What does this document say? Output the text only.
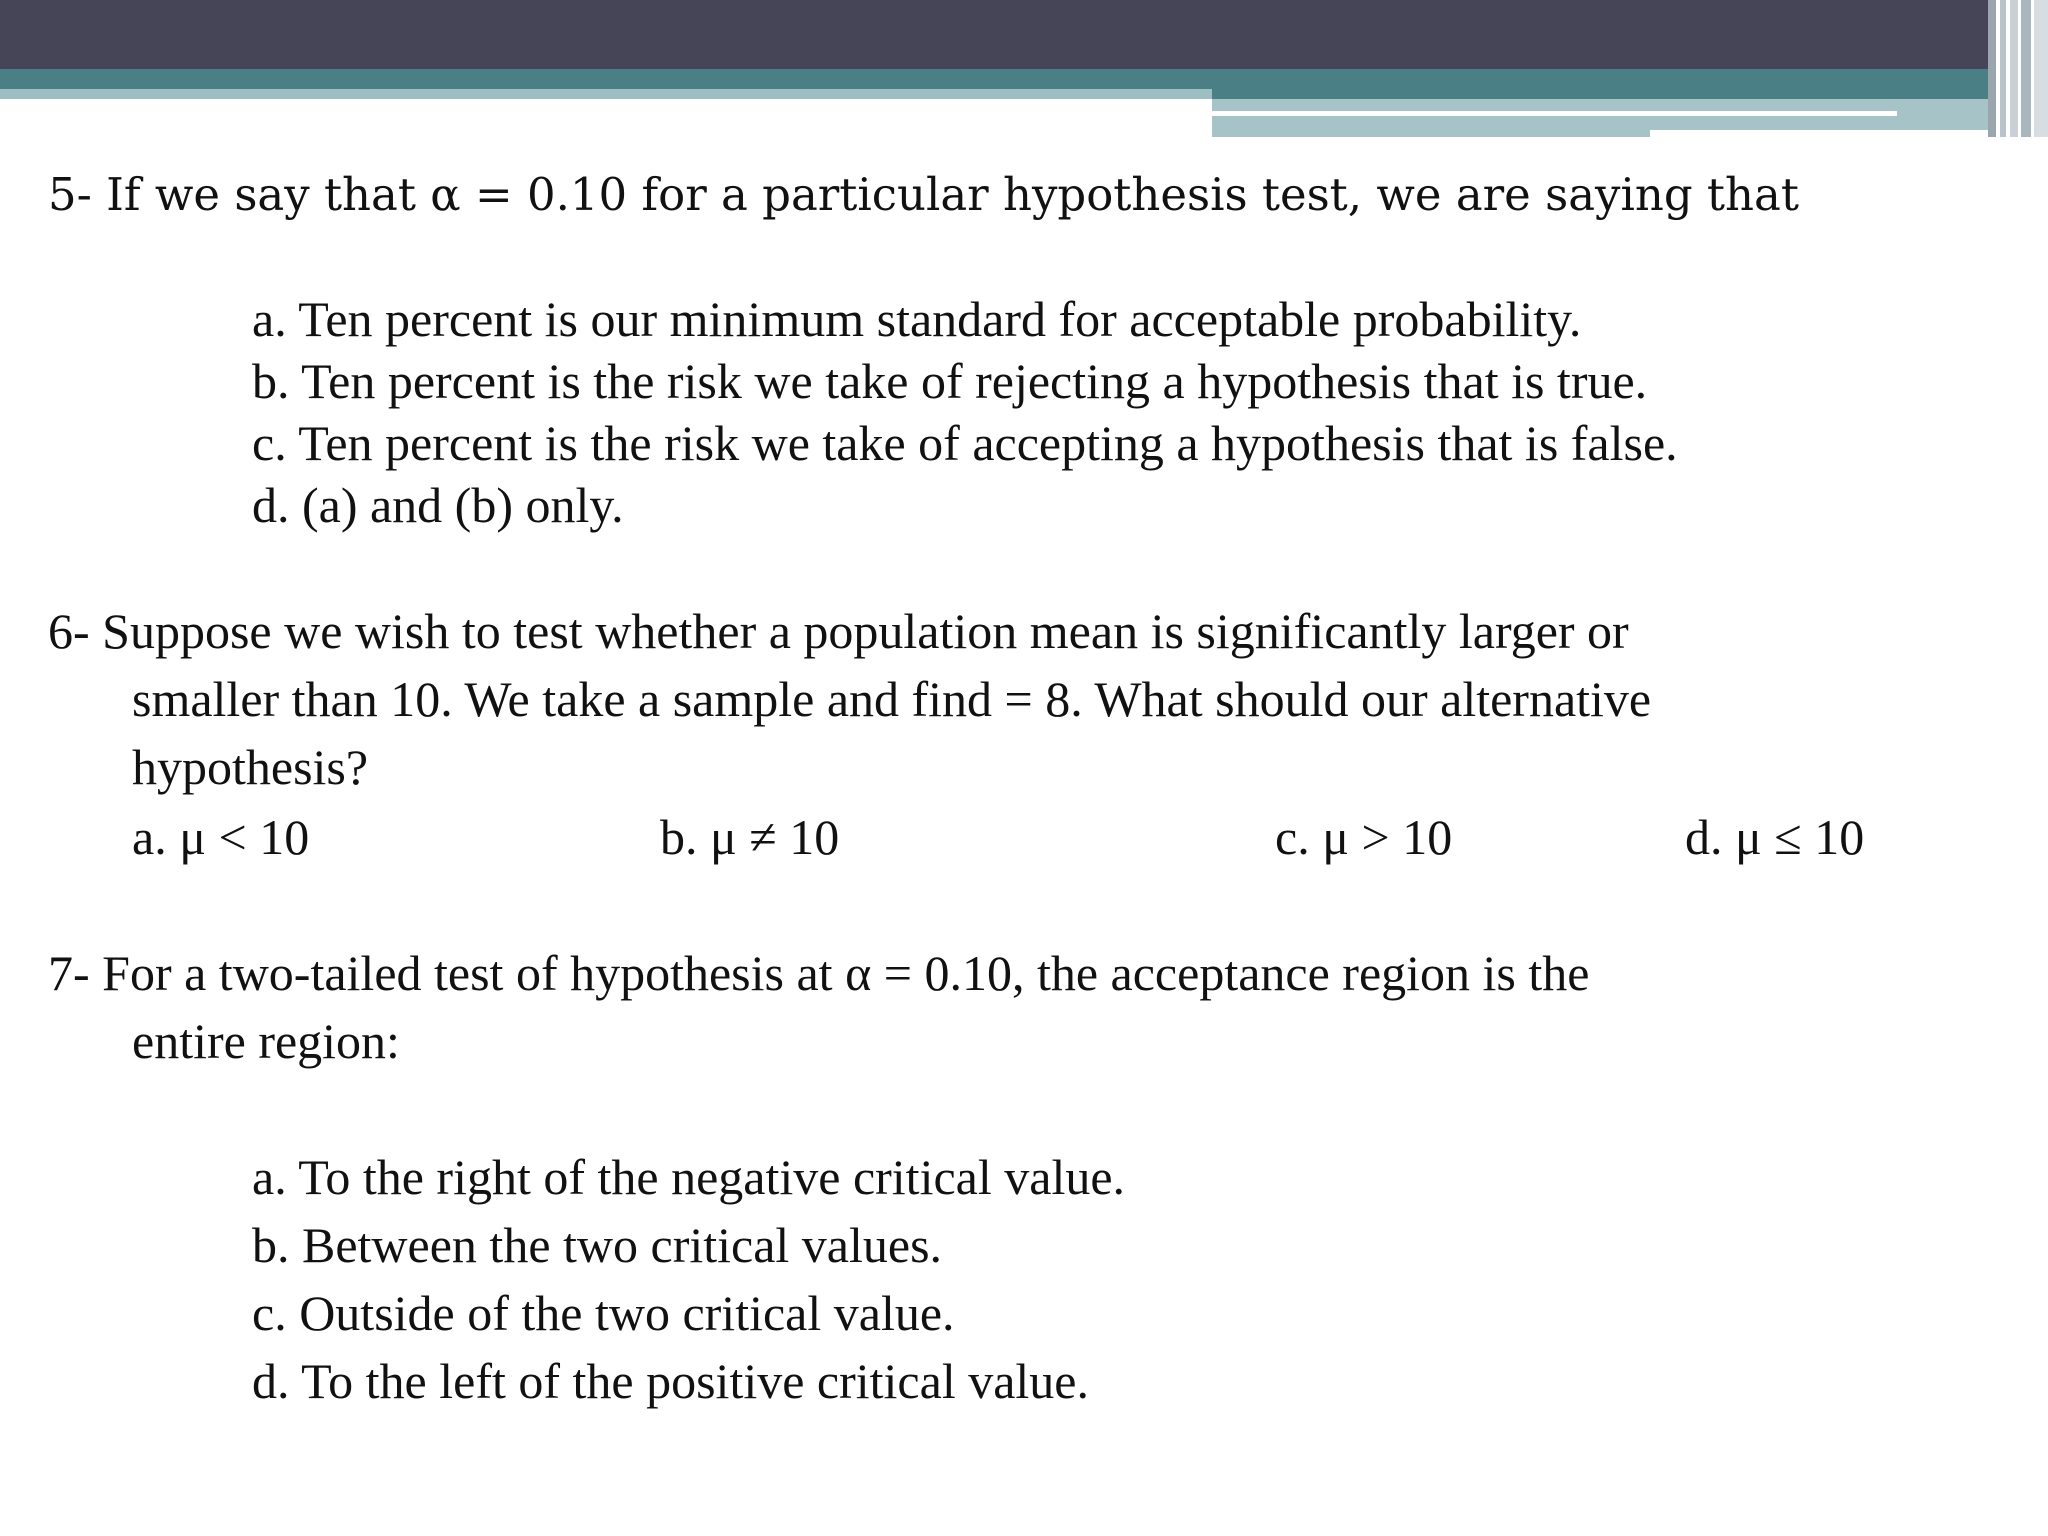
5- If we say that α = 0.10 for a particular hypothesis test, we are saying that
a. Ten percent is our minimum standard for acceptable probability.
b. Ten percent is the risk we take of rejecting a hypothesis that is true.
c. Ten percent is the risk we take of accepting a hypothesis that is false.
d. (a) and (b) only.
6- Suppose we wish to test whether a population mean is significantly larger or
smaller than 10. We take a sample and find = 8. What should our alternative
hypothesis?
a. μ < 10	b. μ ≠ 10	c. μ > 10	d. μ ≤ 10
7- For a two-tailed test of hypothesis at α = 0.10, the acceptance region is the
entire region:
a. To the right of the negative critical value.
b. Between the two critical values.
c. Outside of the two critical value.
d. To the left of the positive critical value.
